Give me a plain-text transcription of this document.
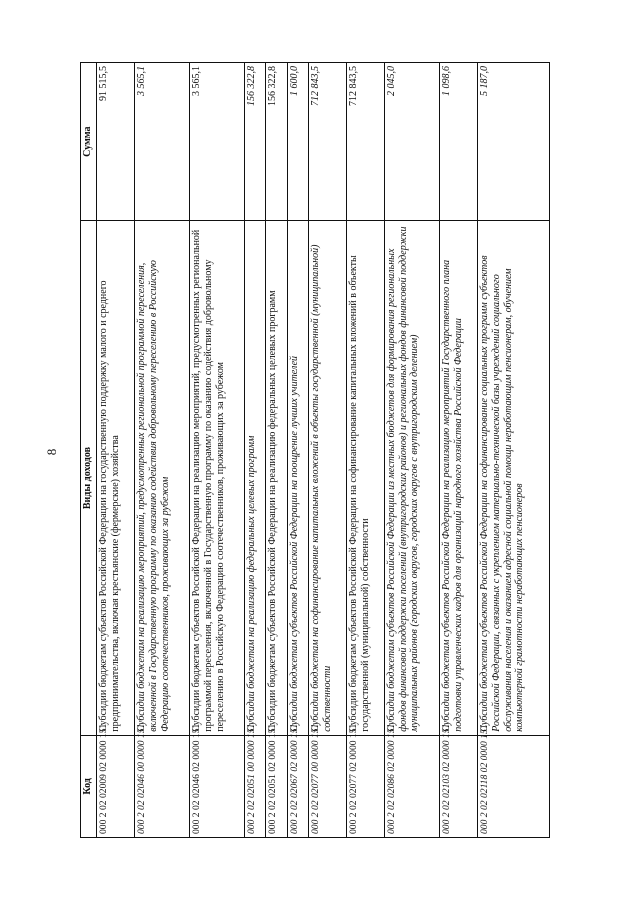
8
Код	Виды доходов	Сумма
000 2 02 02009 02 0000 151	Субсидии бюджетам субъектов Российской Федерации на государственную поддержку малого и среднего предпринимательства, включая крестьянские (фермерские) хозяйства	91 515,5
000 2 02 02046 00 0000 151	Субсидии бюджетам на реализацию мероприятий, предусмотренных региональной программой переселения, включенной в Государственную программу по оказанию содействия добровольному переселению в Российскую Федерацию соотечественников, проживающих за рубежом	3 565,1
000 2 02 02046 02 0000 151	Субсидии бюджетам субъектов Российской Федерации на реализацию мероприятий, предусмотренных региональной программой переселения, включенной в Государственную программу по оказанию содействия добровольному переселению в Российскую Федерацию соотечественников, проживающих за рубежом	3 565,1
000 2 02 02051 00 0000 151	Субсидии бюджетам на реализацию федеральных целевых программ	156 322,8
000 2 02 02051 02 0000 151	Субсидии бюджетам субъектов Российской Федерации на реализацию федеральных целевых программ	156 322,8
000 2 02 02067 02 0000 151	Субсидии бюджетам субъектов Российской Федерации на поощрение лучших учителей	1 600,0
000 2 02 02077 00 0000 151	Субсидии бюджетам на софинансирование капитальных вложений в объекты государственной (муниципальной) собственности	712 843,5
000 2 02 02077 02 0000 151	Субсидии бюджетам субъектов Российской Федерации на софинансирование капитальных вложений в объекты государственной (муниципальной) собственности	712 843,5
000 2 02 02086 02 0000 151	Субсидии бюджетам субъектов Российской Федерации из местных бюджетов для формирования региональных фондов финансовой поддержки поселений (внутригородских районов) и региональных фондов финансовой поддержки муниципальных районов (городских округов, городских округов с внутригородским делением)	2 045,0
000 2 02 02103 02 0000 151	Субсидии бюджетам субъектов Российской Федерации на реализацию мероприятий Государственного плана подготовки управленческих кадров для организаций народного хозяйства Российской Федерации	1 098,6
000 2 02 02118 02 0000 151	Субсидии бюджетам субъектов Российской Федерации на софинансирование социальных программ субъектов Российской Федерации, связанных с укреплением материально-технической базы учреждений социального обслуживания населения и оказанием адресной социальной помощи неработающим пенсионерам, обучением компьютерной грамотности неработающих пенсионеров	5 187,0
